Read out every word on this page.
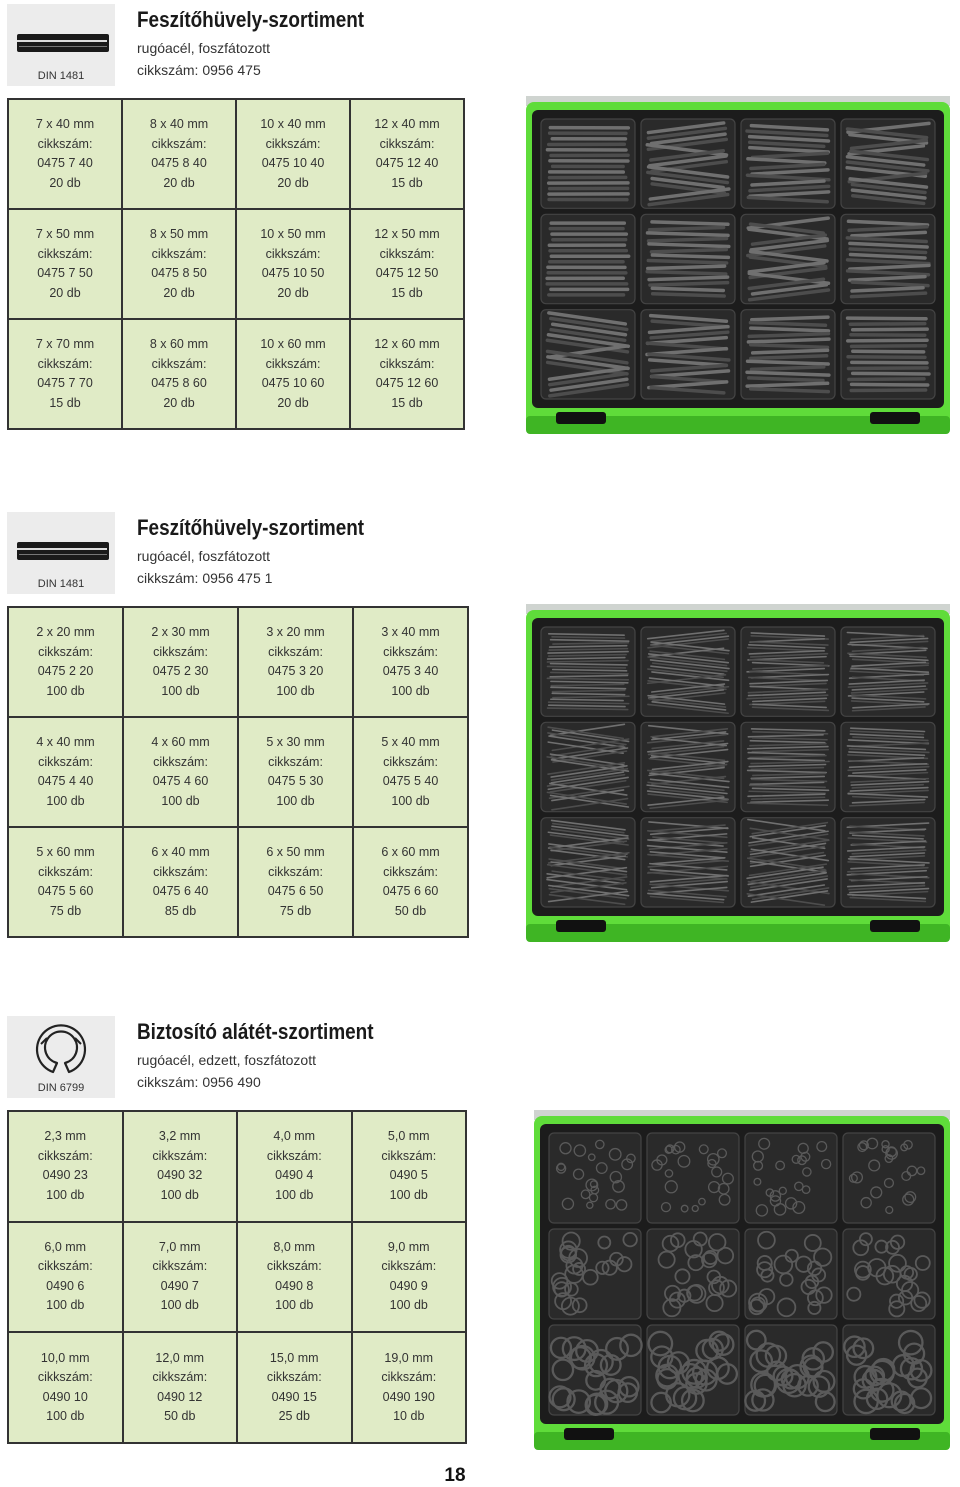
DIN 1481
Feszítőhüvely-szortiment
rugóacél, foszfátozott
cikkszám: 0956 475
7 x 40 mm
cikkszám:
0475 7 40
20 db
8 x 40 mm
cikkszám:
0475 8 40
20 db
10 x 40 mm
cikkszám:
0475 10 40
20 db
12 x 40 mm
cikkszám:
0475 12 40
15 db
7 x 50 mm
cikkszám:
0475 7 50
20 db
8 x 50 mm
cikkszám:
0475 8 50
20 db
10 x 50 mm
cikkszám:
0475 10 50
20 db
12 x 50 mm
cikkszám:
0475 12 50
15 db
7 x 70 mm
cikkszám:
0475 7 70
15 db
8 x 60 mm
cikkszám:
0475 8 60
20 db
10 x 60 mm
cikkszám:
0475 10 60
20 db
12 x 60 mm
cikkszám:
0475 12 60
15 db
DIN 1481
Feszítőhüvely-szortiment
rugóacél, foszfátozott
cikkszám: 0956 475 1
2 x 20 mm
cikkszám:
0475 2 20
100 db
2 x 30 mm
cikkszám:
0475 2 30
100 db
3 x 20 mm
cikkszám:
0475 3 20
100 db
3 x 40 mm
cikkszám:
0475 3 40
100 db
4 x 40 mm
cikkszám:
0475 4 40
100 db
4 x 60 mm
cikkszám:
0475 4 60
100 db
5 x 30 mm
cikkszám:
0475 5 30
100 db
5 x 40 mm
cikkszám:
0475 5 40
100 db
5 x 60 mm
cikkszám:
0475 5 60
75 db
6 x 40 mm
cikkszám:
0475 6 40
85 db
6 x 50 mm
cikkszám:
0475 6 50
75 db
6 x 60 mm
cikkszám:
0475 6 60
50 db
DIN 6799
Biztosító alátét-szortiment
rugóacél, edzett, foszfátozott
cikkszám: 0956 490
2,3 mm
cikkszám:
0490 23
100 db
3,2 mm
cikkszám:
0490 32
100 db
4,0 mm
cikkszám:
0490 4
100 db
5,0 mm
cikkszám:
0490 5
100 db
6,0 mm
cikkszám:
0490 6
100 db
7,0 mm
cikkszám:
0490 7
100 db
8,0 mm
cikkszám:
0490 8
100 db
9,0 mm
cikkszám:
0490 9
100 db
10,0 mm
cikkszám:
0490 10
100 db
12,0 mm
cikkszám:
0490 12
50 db
15,0 mm
cikkszám:
0490 15
25 db
19,0 mm
cikkszám:
0490 190
10 db
18
